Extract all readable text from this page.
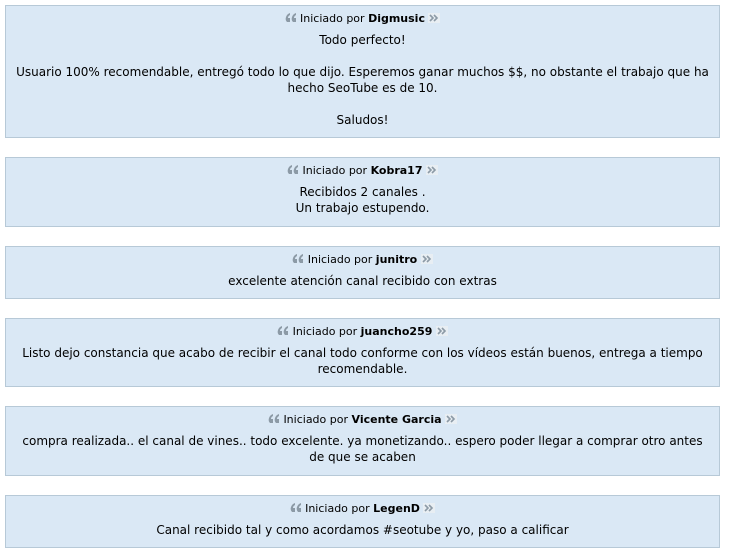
Iniciado por Digmusic

Todo perfecto!

Usuario 100% recomendable, entregó todo lo que dijo. Esperemos ganar muchos $$, no obstante el trabajo que ha hecho SeoTube es de 10.

Saludos!

Iniciado por Kobra17

Recibidos 2 canales .

Un trabajo estupendo.

Iniciado por junitro

excelente atención canal recibido con extras

Iniciado por juancho259

Listo dejo constancia que acabo de recibir el canal todo conforme con los vídeos están buenos, entrega a tiempo recomendable.

Iniciado por Vicente Garcia

compra realizada.. el canal de vines.. todo excelente. ya monetizando.. espero poder llegar a comprar otro antes de que se acaben

Iniciado por LegenD

Canal recibido tal y como acordamos #seotube y yo, paso a calificar
